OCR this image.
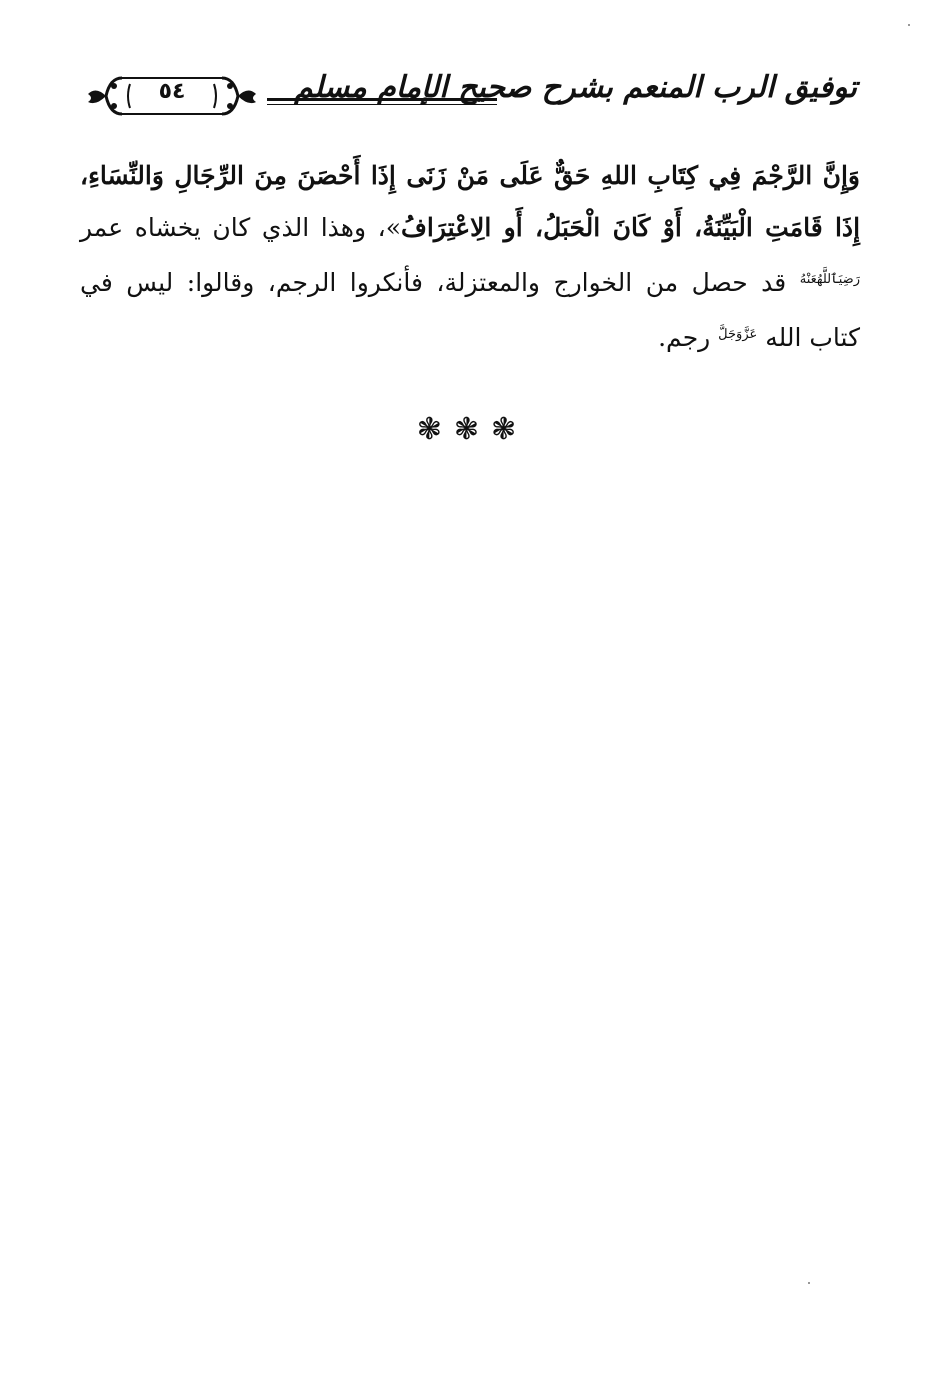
٥٤	توفيق الرب المنعم بشرح صحيح الإمام مسلم
وَإِنَّ الرَّجْمَ فِي كِتَابِ اللهِ حَقٌّ عَلَى مَنْ زَنَى إِذَا أَحْصَنَ مِنَ الرِّجَالِ وَالنِّسَاءِ، إِذَا قَامَتِ الْبَيِّنَةُ، أَوْ كَانَ الْحَبَلُ، أَو الِاعْتِرَافُ»، وهذا الذي كان يخشاه عمر $^{رَضِيَٱللَّهُعَنْهُ}$ قد حصل من الخوارج والمعتزلة، فأنكروا الرجم، وقالوا: ليس في كتاب الله $^{عَزَّوَجَلَّ}$ رجم.
❃❃❃
